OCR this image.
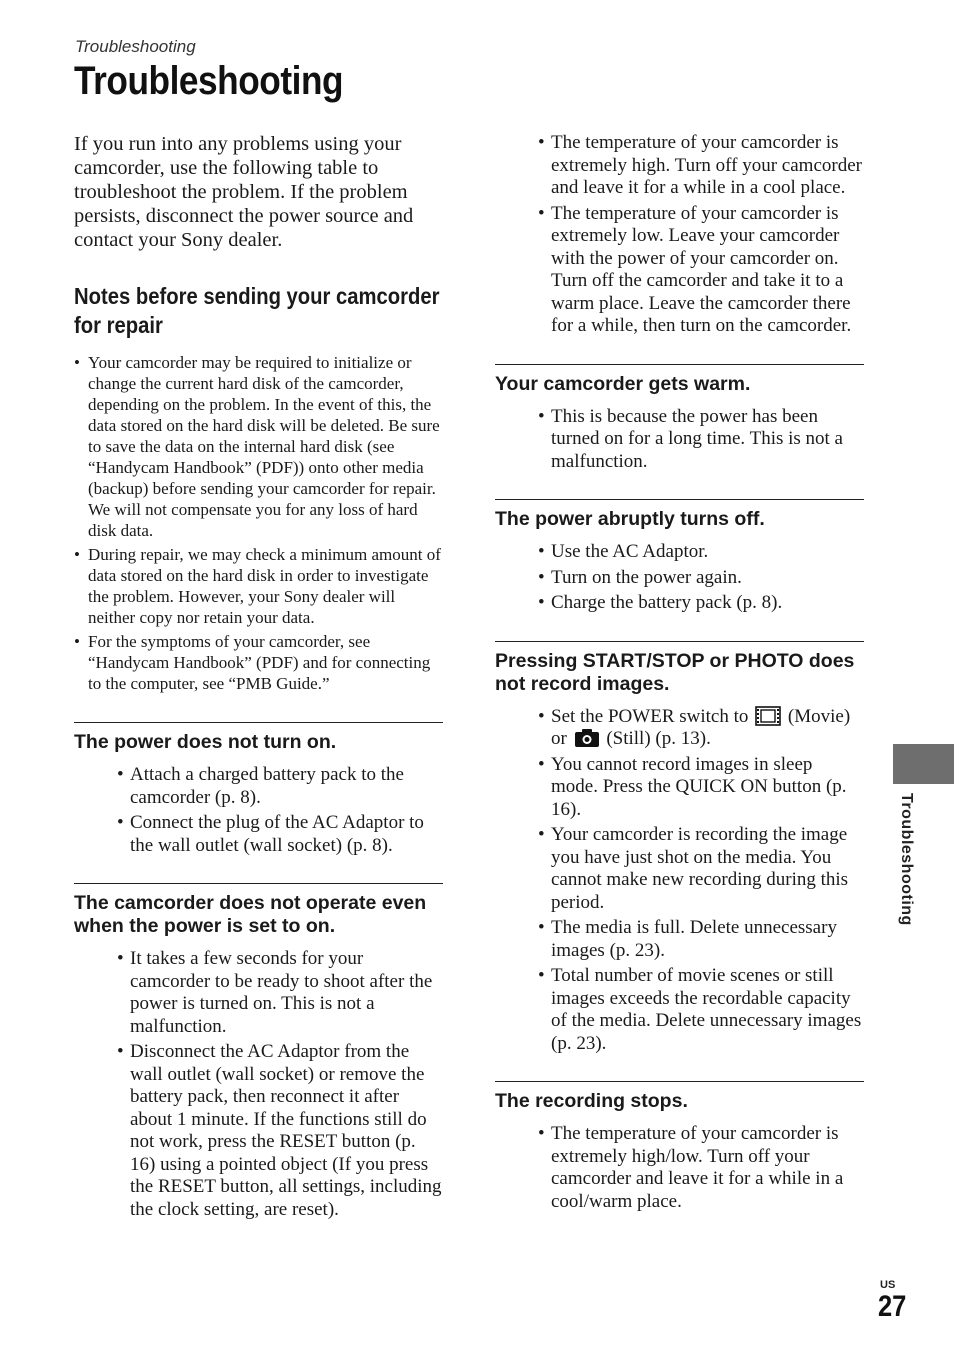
Troubleshooting
Troubleshooting

If you run into any problems using your camcorder, use the following table to troubleshoot the problem. If the problem persists, disconnect the power source and contact your Sony dealer.

Notes before sending your camcorder for repair
• Your camcorder may be required to initialize or change the current hard disk of the camcorder, depending on the problem. In the event of this, the data stored on the hard disk will be deleted. Be sure to save the data on the internal hard disk (see “Handycam Handbook” (PDF)) onto other media (backup) before sending your camcorder for repair. We will not compensate you for any loss of hard disk data.
• During repair, we may check a minimum amount of data stored on the hard disk in order to investigate the problem. However, your Sony dealer will neither copy nor retain your data.
• For the symptoms of your camcorder, see “Handycam Handbook” (PDF) and for connecting to the computer, see “PMB Guide.”
The power does not turn on.
• Attach a charged battery pack to the camcorder (p. 8).
• Connect the plug of the AC Adaptor to the wall outlet (wall socket) (p. 8).
The camcorder does not operate even when the power is set to on.
• It takes a few seconds for your camcorder to be ready to shoot after the power is turned on. This is not a malfunction.
• Disconnect the AC Adaptor from the wall outlet (wall socket) or remove the battery pack, then reconnect it after about 1 minute. If the functions still do not work, press the RESET button (p. 16) using a pointed object (If you press the RESET button, all settings, including the clock setting, are reset).
• The temperature of your camcorder is extremely high. Turn off your camcorder and leave it for a while in a cool place.
• The temperature of your camcorder is extremely low. Leave your camcorder with the power of your camcorder on. Turn off the camcorder and take it to a warm place. Leave the camcorder there for a while, then turn on the camcorder.
Your camcorder gets warm.
• This is because the power has been turned on for a long time. This is not a malfunction.
The power abruptly turns off.
• Use the AC Adaptor.
• Turn on the power again.
• Charge the battery pack (p. 8).
Pressing START/STOP or PHOTO does not record images.
• Set the POWER switch to (Movie) or (Still) (p. 13).
• You cannot record images in sleep mode. Press the QUICK ON button (p. 16).
• Your camcorder is recording the image you have just shot on the media. You cannot make new recording during this period.
• The media is full. Delete unnecessary images (p. 23).
• Total number of movie scenes or still images exceeds the recordable capacity of the media. Delete unnecessary images (p. 23).
The recording stops.
• The temperature of your camcorder is extremely high/low. Turn off your camcorder and leave it for a while in a cool/warm place.
Troubleshooting
US
27
